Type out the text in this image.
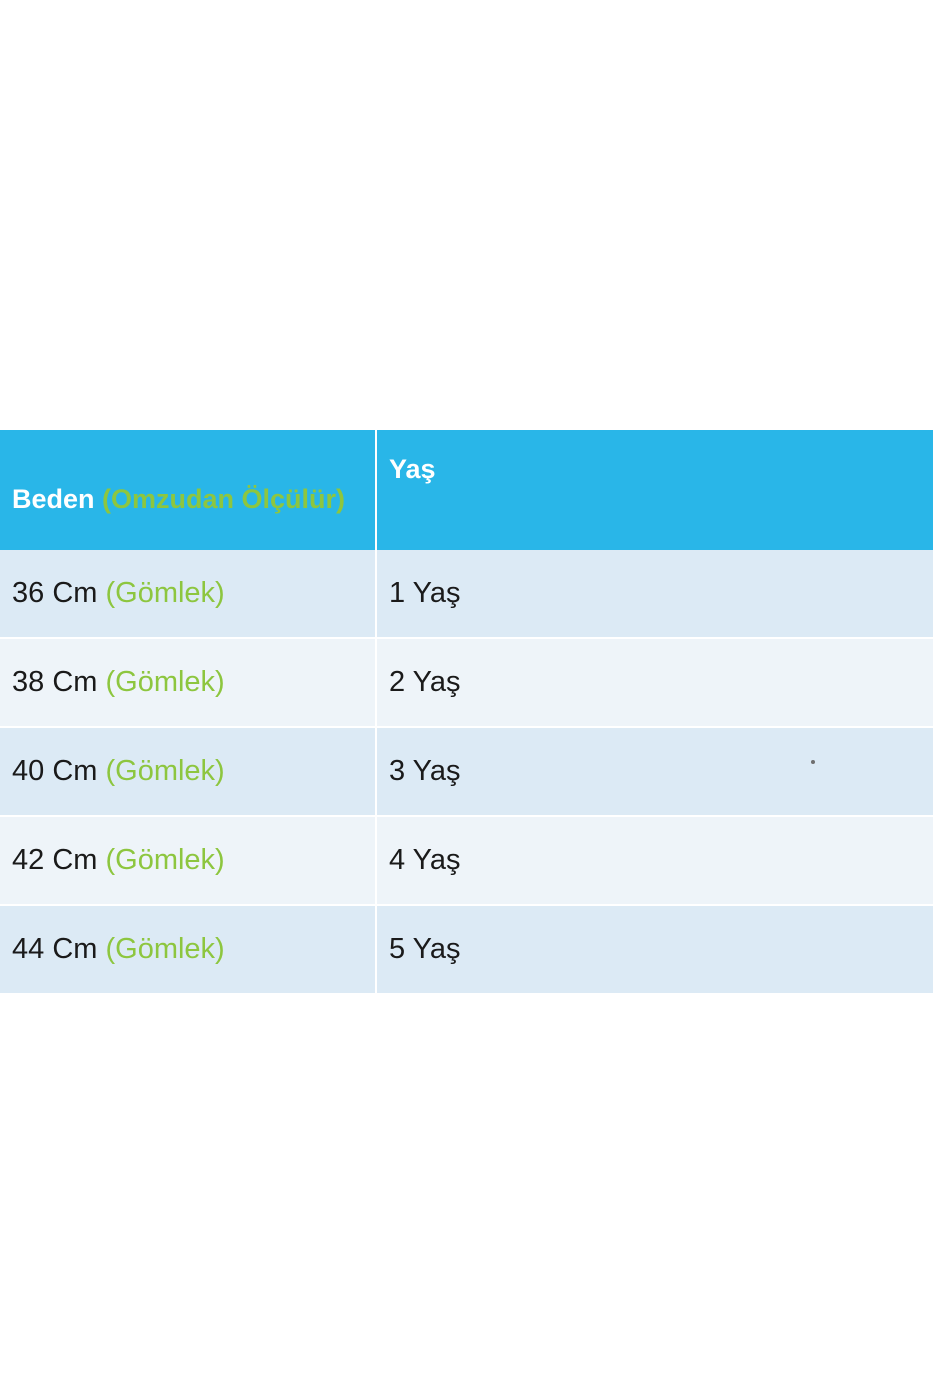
Beden (Omzudan Ölçülür)	Yaş
36 Cm (Gömlek)	1 Yaş
38 Cm (Gömlek)	2 Yaş
40 Cm (Gömlek)	3 Yaş

42 Cm (Gömlek)	4 Yaş
44 Cm (Gömlek)	5 Yaş
